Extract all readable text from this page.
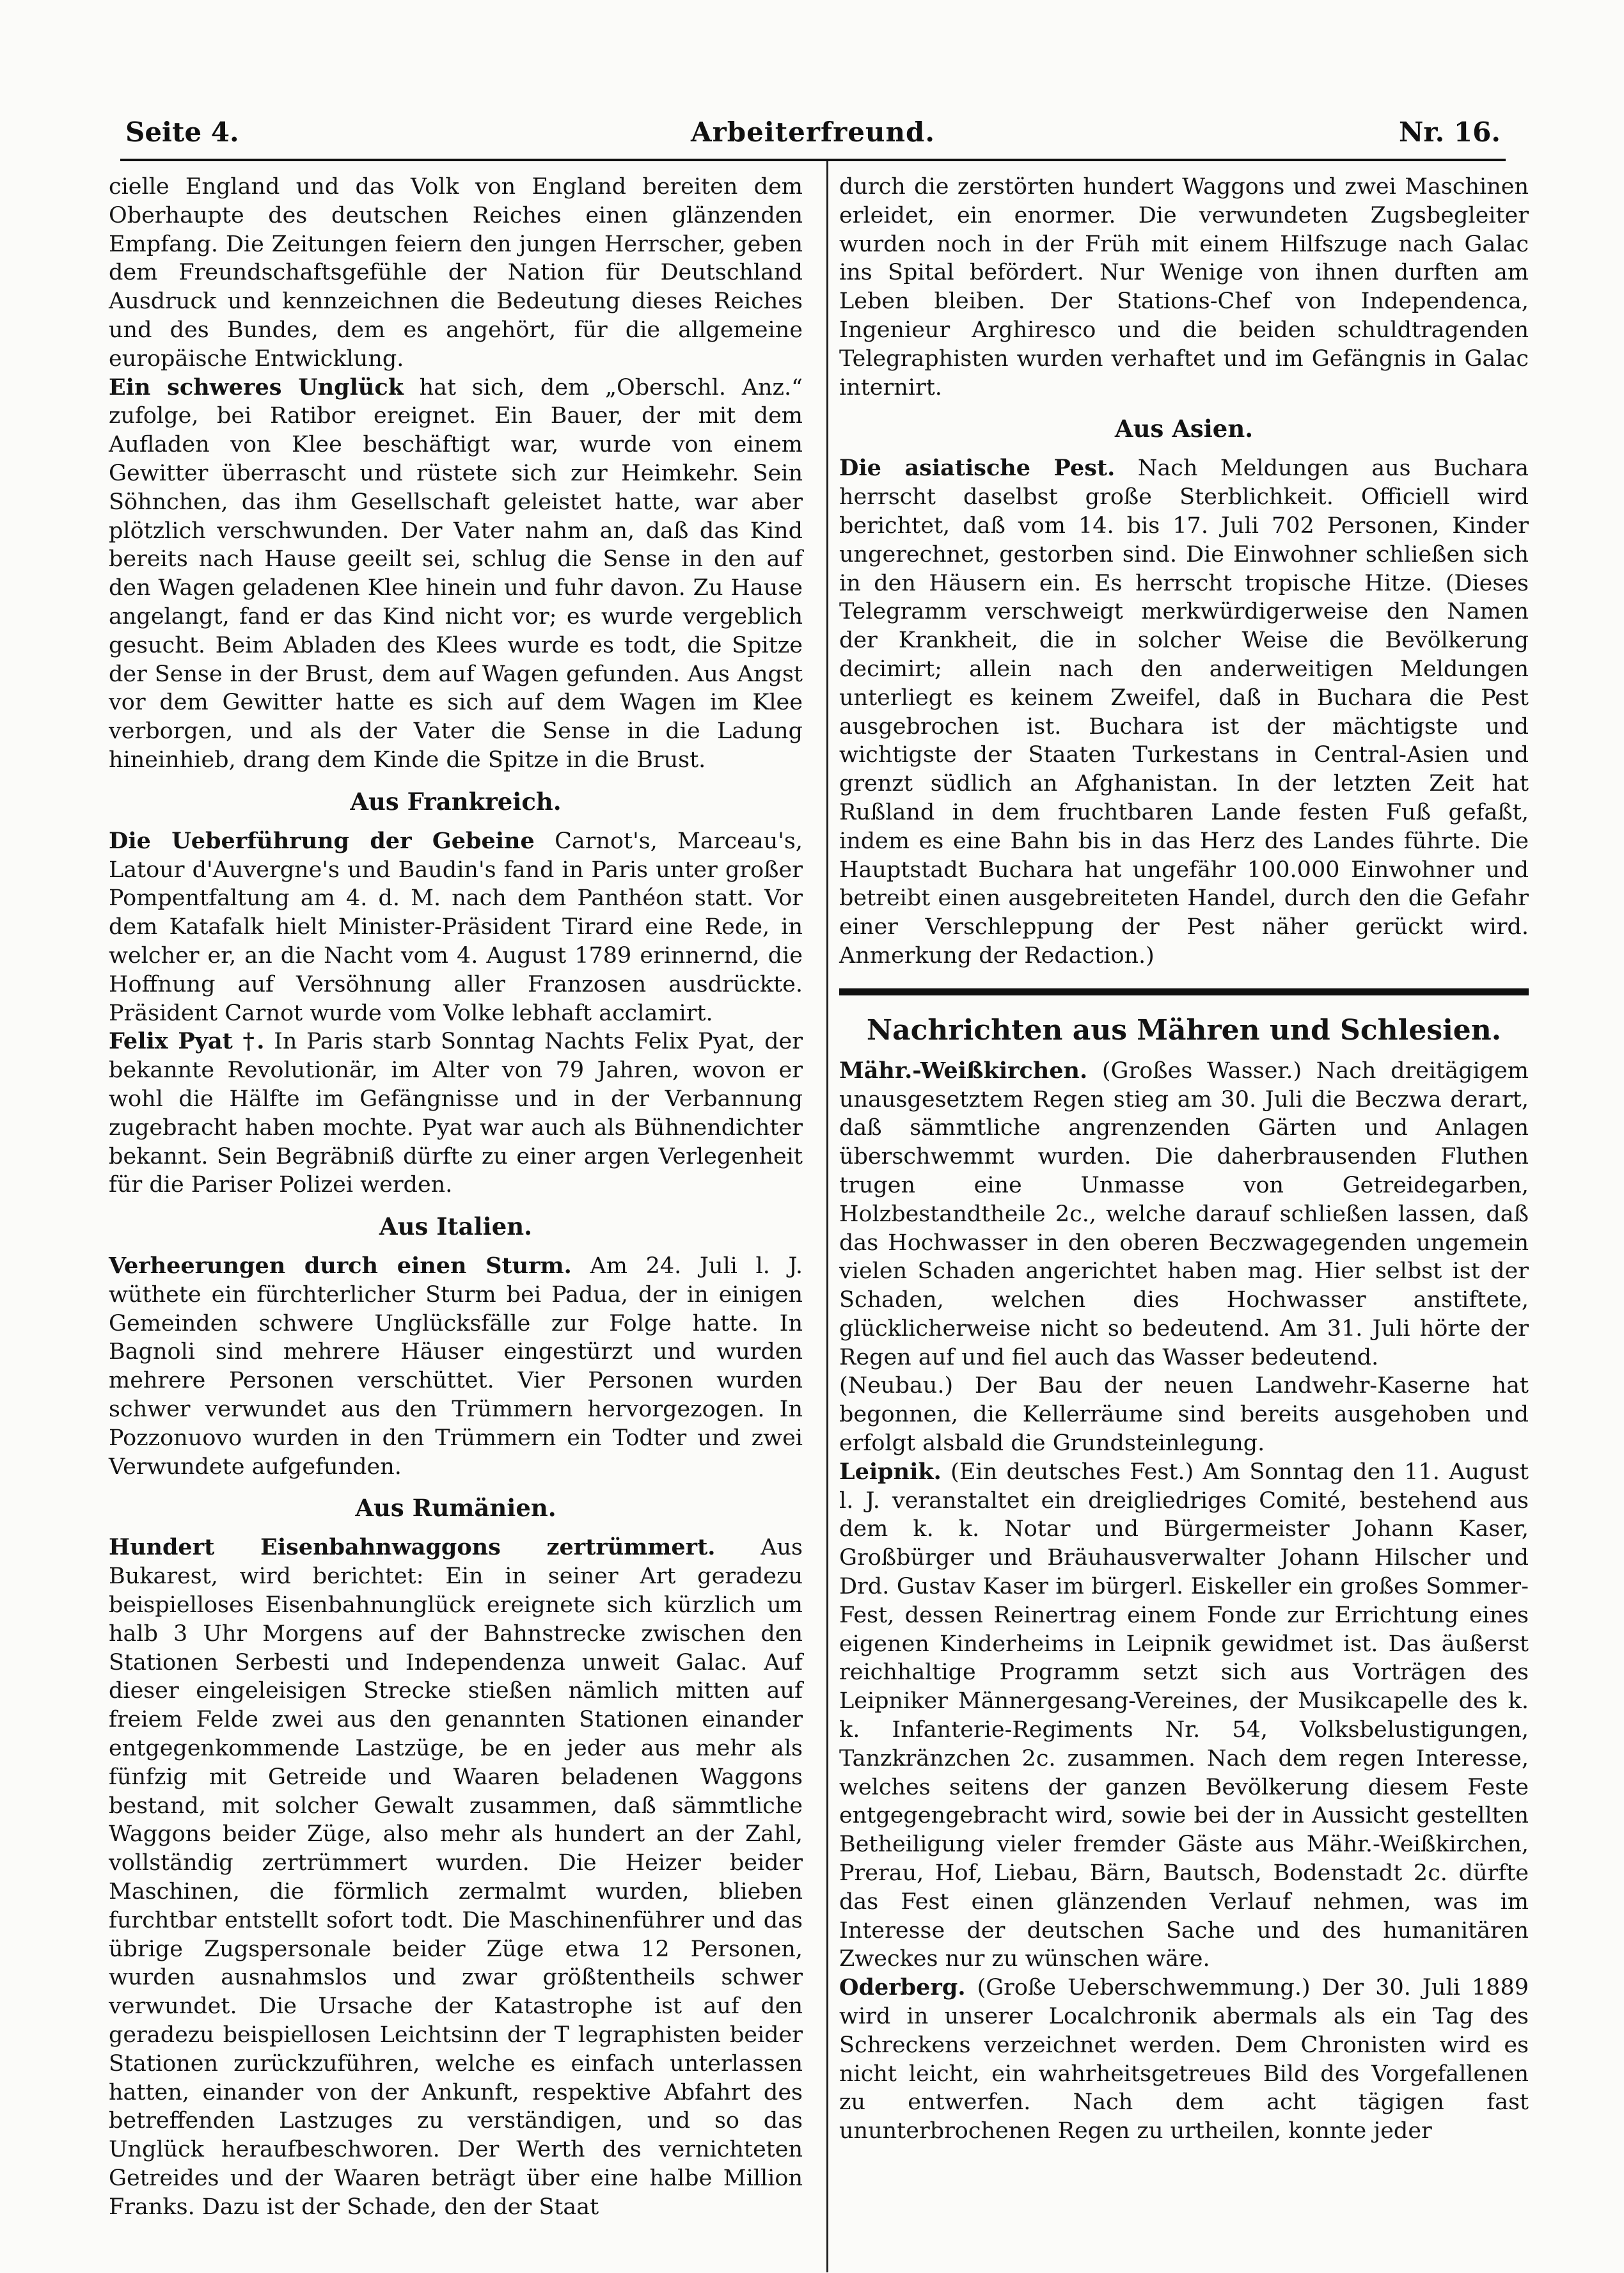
Seite 4.	Arbeiterfreund.	Nr. 16.

cielle England und das Volk von England bereiten dem Oberhaupte des deutschen Reiches einen glänzenden Empfang. Die Zeitungen feiern den jungen Herrscher, geben dem Freundschaftsgefühle der Nation für Deutschland Ausdruck und kennzeichnen die Bedeutung dieses Reiches und des Bundes, dem es angehört, für die allgemeine europäische Entwicklung.

Ein schweres Unglück hat sich, dem „Oberschl. Anz.“ zufolge, bei Ratibor ereignet. Ein Bauer, der mit dem Aufladen von Klee beschäftigt war, wurde von einem Gewitter überrascht und rüstete sich zur Heimkehr. Sein Söhnchen, das ihm Gesellschaft geleistet hatte, war aber plötzlich verschwunden. Der Vater nahm an, daß das Kind bereits nach Hause geeilt sei, schlug die Sense in den auf den Wagen geladenen Klee hinein und fuhr davon. Zu Hause angelangt, fand er das Kind nicht vor; es wurde vergeblich gesucht. Beim Abladen des Klees wurde es todt, die Spitze der Sense in der Brust, dem auf Wagen gefunden. Aus Angst vor dem Gewitter hatte es sich auf dem Wagen im Klee verborgen, und als der Vater die Sense in die Ladung hineinhieb, drang dem Kinde die Spitze in die Brust.

Aus Frankreich.

Die Ueberführung der Gebeine Carnot's, Marceau's, Latour d'Auvergne's und Baudin's fand in Paris unter großer Pompentfaltung am 4. d. M. nach dem Panthéon statt. Vor dem Katafalk hielt Minister-Präsident Tirard eine Rede, in welcher er, an die Nacht vom 4. August 1789 erinnernd, die Hoffnung auf Versöhnung aller Franzosen ausdrückte. Präsident Carnot wurde vom Volke lebhaft acclamirt.

Felix Pyat †. In Paris starb Sonntag Nachts Felix Pyat, der bekannte Revolutionär, im Alter von 79 Jahren, wovon er wohl die Hälfte im Gefängnisse und in der Verbannung zugebracht haben mochte. Pyat war auch als Bühnendichter bekannt. Sein Begräbniß dürfte zu einer argen Verlegenheit für die Pariser Polizei werden.

Aus Italien.

Verheerungen durch einen Sturm. Am 24. Juli l. J. wüthete ein fürchterlicher Sturm bei Padua, der in einigen Gemeinden schwere Unglücksfälle zur Folge hatte. In Bagnoli sind mehrere Häuser eingestürzt und wurden mehrere Personen verschüttet. Vier Personen wurden schwer verwundet aus den Trümmern hervorgezogen. In Pozzonuovo wurden in den Trümmern ein Todter und zwei Verwundete aufgefunden.

Aus Rumänien.

Hundert Eisenbahnwaggons zertrümmert. Aus Bukarest, wird berichtet: Ein in seiner Art geradezu beispielloses Eisenbahnunglück ereignete sich kürzlich um halb 3 Uhr Morgens auf der Bahnstrecke zwischen den Stationen Serbesti und Independenza unweit Galac. Auf dieser eingeleisigen Strecke stießen nämlich mitten auf freiem Felde zwei aus den genannten Stationen einander entgegenkommende Lastzüge, be en jeder aus mehr als fünfzig mit Getreide und Waaren beladenen Waggons bestand, mit solcher Gewalt zusammen, daß sämmtliche Waggons beider Züge, also mehr als hundert an der Zahl, vollständig zertrümmert wurden. Die Heizer beider Maschinen, die förmlich zermalmt wurden, blieben furchtbar entstellt sofort todt. Die Maschinenführer und das übrige Zugspersonale beider Züge etwa 12 Personen, wurden ausnahmslos und zwar größtentheils schwer verwundet. Die Ursache der Katastrophe ist auf den geradezu beispiellosen Leichtsinn der T legraphisten beider Stationen zurückzuführen, welche es einfach unterlassen hatten, einander von der Ankunft, respektive Abfahrt des betreffenden Lastzuges zu verständigen, und so das Unglück heraufbeschworen. Der Werth des vernichteten Getreides und der Waaren beträgt über eine halbe Million Franks. Dazu ist der Schade, den der Staat

durch die zerstörten hundert Waggons und zwei Maschinen erleidet, ein enormer. Die verwundeten Zugsbegleiter wurden noch in der Früh mit einem Hilfszuge nach Galac ins Spital befördert. Nur Wenige von ihnen durften am Leben bleiben. Der Stations-Chef von Independenca, Ingenieur Arghiresco und die beiden schuldtragenden Telegraphisten wurden verhaftet und im Gefängnis in Galac internirt.

Aus Asien.

Die asiatische Pest. Nach Meldungen aus Buchara herrscht daselbst große Sterblichkeit. Officiell wird berichtet, daß vom 14. bis 17. Juli 702 Personen, Kinder ungerechnet, gestorben sind. Die Einwohner schließen sich in den Häusern ein. Es herrscht tropische Hitze. (Dieses Telegramm verschweigt merkwürdigerweise den Namen der Krankheit, die in solcher Weise die Bevölkerung decimirt; allein nach den anderweitigen Meldungen unterliegt es keinem Zweifel, daß in Buchara die Pest ausgebrochen ist. Buchara ist der mächtigste und wichtigste der Staaten Turkestans in Central-Asien und grenzt südlich an Afghanistan. In der letzten Zeit hat Rußland in dem fruchtbaren Lande festen Fuß gefaßt, indem es eine Bahn bis in das Herz des Landes führte. Die Hauptstadt Buchara hat ungefähr 100.000 Einwohner und betreibt einen ausgebreiteten Handel, durch den die Gefahr einer Verschleppung der Pest näher gerückt wird. Anmerkung der Redaction.)

Nachrichten aus Mähren und Schlesien.

Mähr.-Weißkirchen. (Großes Wasser.) Nach dreitägigem unausgesetztem Regen stieg am 30. Juli die Beczwa derart, daß sämmtliche angrenzenden Gärten und Anlagen überschwemmt wurden. Die daherbrausenden Fluthen trugen eine Unmasse von Getreidegarben, Holzbestandtheile 2c., welche darauf schließen lassen, daß das Hochwasser in den oberen Beczwagegenden ungemein vielen Schaden angerichtet haben mag. Hier selbst ist der Schaden, welchen dies Hochwasser anstiftete, glücklicherweise nicht so bedeutend. Am 31. Juli hörte der Regen auf und fiel auch das Wasser bedeutend.

(Neubau.) Der Bau der neuen Landwehr-Kaserne hat begonnen, die Kellerräume sind bereits ausgehoben und erfolgt alsbald die Grundsteinlegung.

Leipnik. (Ein deutsches Fest.) Am Sonntag den 11. August l. J. veranstaltet ein dreigliedriges Comité, bestehend aus dem k. k. Notar und Bürgermeister Johann Kaser, Großbürger und Bräuhausverwalter Johann Hilscher und Drd. Gustav Kaser im bürgerl. Eiskeller ein großes Sommer-Fest, dessen Reinertrag einem Fonde zur Errichtung eines eigenen Kinderheims in Leipnik gewidmet ist. Das äußerst reichhaltige Programm setzt sich aus Vorträgen des Leipniker Männergesang-Vereines, der Musikcapelle des k. k. Infanterie-Regiments Nr. 54, Volksbelustigungen, Tanzkränzchen 2c. zusammen. Nach dem regen Interesse, welches seitens der ganzen Bevölkerung diesem Feste entgegengebracht wird, sowie bei der in Aussicht gestellten Betheiligung vieler fremder Gäste aus Mähr.-Weißkirchen, Prerau, Hof, Liebau, Bärn, Bautsch, Bodenstadt 2c. dürfte das Fest einen glänzenden Verlauf nehmen, was im Interesse der deutschen Sache und des humanitären Zweckes nur zu wünschen wäre.

Oderberg. (Große Ueberschwemmung.) Der 30. Juli 1889 wird in unserer Localchronik abermals als ein Tag des Schreckens verzeichnet werden. Dem Chronisten wird es nicht leicht, ein wahrheitsgetreues Bild des Vorgefallenen zu entwerfen. Nach dem acht tägigen fast ununterbrochenen Regen zu urtheilen, konnte jeder
